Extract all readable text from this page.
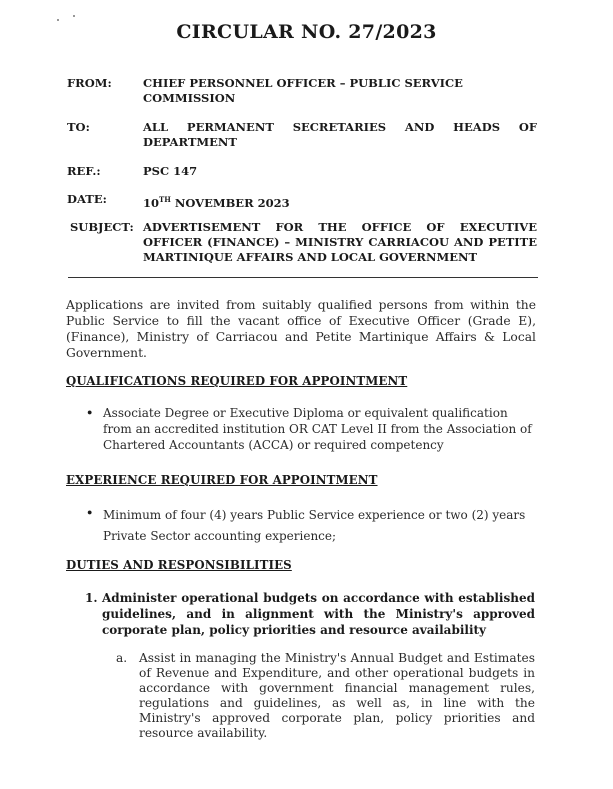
CIRCULAR NO. 27/2023
FROM:	CHIEF PERSONNEL OFFICER – PUBLIC SERVICE COMMISSION
TO:	ALL PERMANENT SECRETARIES AND HEADS OF DEPARTMENT
REF.:	PSC 147
DATE:	10TH NOVEMBER 2023
SUBJECT: ADVERTISEMENT FOR THE OFFICE OF EXECUTIVE OFFICER (FINANCE) – MINISTRY CARRIACOU AND PETITE MARTINIQUE AFFAIRS AND LOCAL GOVERNMENT
Applications are invited from suitably qualified persons from within the Public Service to fill the vacant office of Executive Officer (Grade E), (Finance), Ministry of Carriacou and Petite Martinique Affairs & Local Government.
QUALIFICATIONS REQUIRED FOR APPOINTMENT
● Associate Degree or Executive Diploma or equivalent qualification from an accredited institution OR CAT Level II from the Association of Chartered Accountants (ACCA) or required competency
EXPERIENCE REQUIRED FOR APPOINTMENT
● Minimum of four (4) years Public Service experience or two (2) years Private Sector accounting experience;
DUTIES AND RESPONSIBILITIES
1. Administer operational budgets on accordance with established guidelines, and in alignment with the Ministry's approved corporate plan, policy priorities and resource availability
a. Assist in managing the Ministry's Annual Budget and Estimates of Revenue and Expenditure, and other operational budgets in accordance with government financial management rules, regulations and guidelines, as well as, in line with the Ministry's approved corporate plan, policy priorities and resource availability.
